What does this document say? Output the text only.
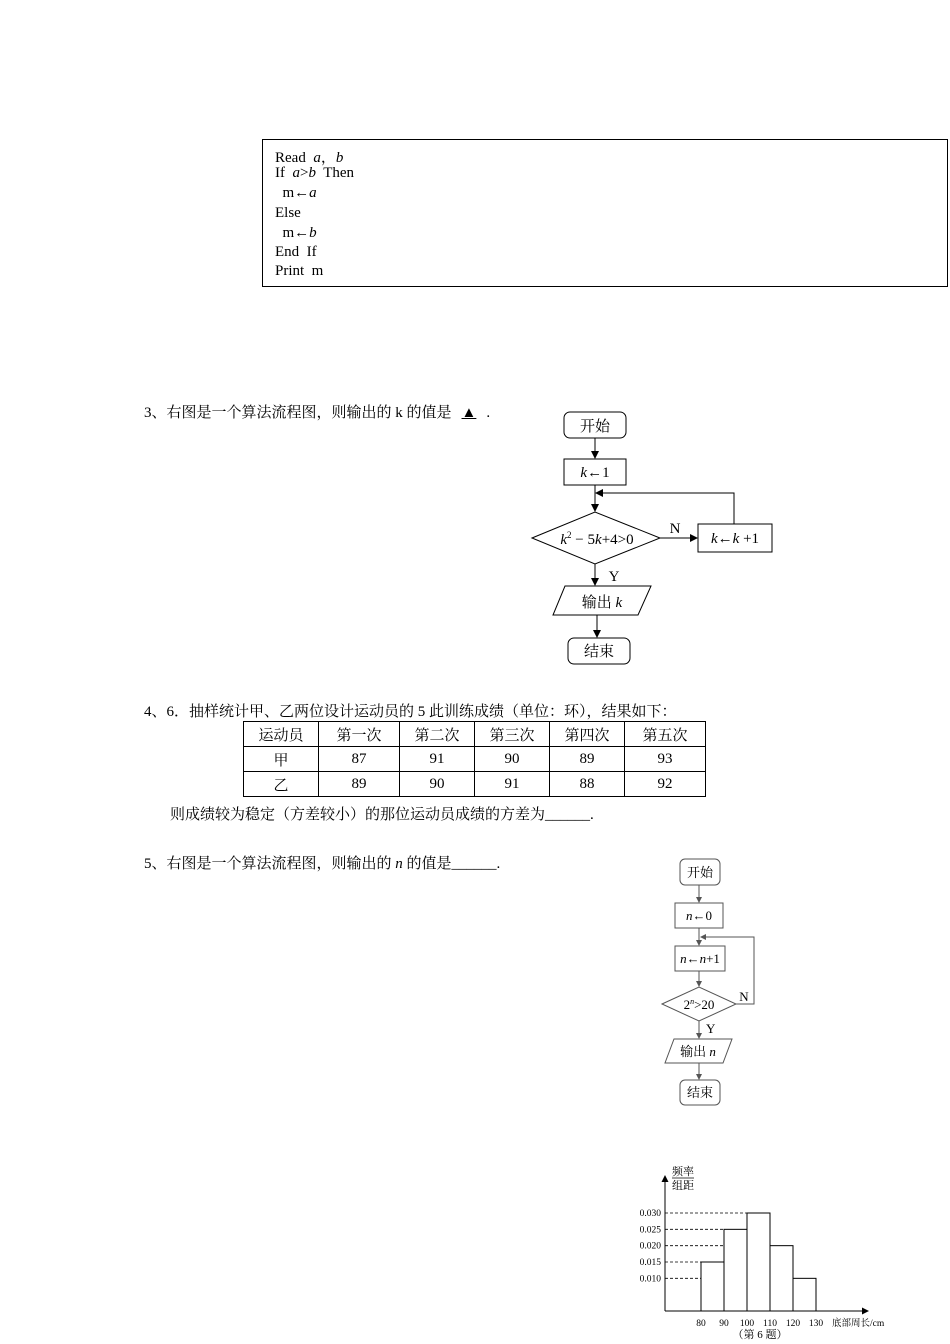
Read  a，b
If  a>b  Then
m←a
Else
m←b
End  If
Print  m
3、右图是一个算法流程图，则输出的 k 的值是 ▲ .
开始
k←1
$k^2 - 5k+4>0$
N
k←k +1
Y
输出 k
结束
4、6．抽样统计甲、乙两位设计运动员的 5 此训练成绩（单位：环），结果如下：
运动员	第一次	第二次	第三次	第四次	第五次
甲	87	91	90	89	93
乙	89	90	91	88	92
则成绩较为稳定（方差较小）的那位运动员成绩的方差为______.
5、右图是一个算法流程图，则输出的 n 的值是______.
开始
n←0
n←n+1
$2^n>20$
N
Y
输出 n
结束
频率
组距
0.030
0.025
0.020
0.015
0.010
80 90 100 110 120 130 底部周长/cm
（第 6 题）
